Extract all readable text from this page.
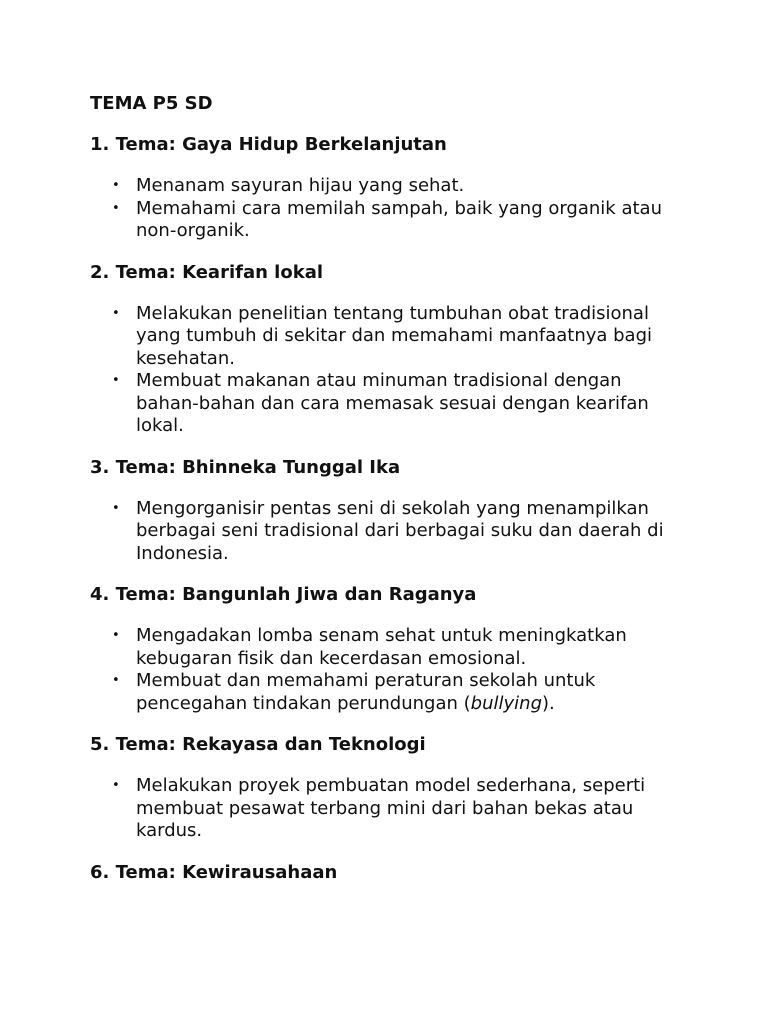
TEMA P5 SD
1. Tema: Gaya Hidup Berkelanjutan
• Menanam sayuran hijau yang sehat.
• Memahami cara memilah sampah, baik yang organik atau non-organik.
2. Tema: Kearifan lokal
• Melakukan penelitian tentang tumbuhan obat tradisional yang tumbuh di sekitar dan memahami manfaatnya bagi kesehatan.
• Membuat makanan atau minuman tradisional dengan bahan-bahan dan cara memasak sesuai dengan kearifan lokal.
3. Tema: Bhinneka Tunggal Ika
• Mengorganisir pentas seni di sekolah yang menampilkan berbagai seni tradisional dari berbagai suku dan daerah di Indonesia.
4. Tema: Bangunlah Jiwa dan Raganya
• Mengadakan lomba senam sehat untuk meningkatkan kebugaran fisik dan kecerdasan emosional.
• Membuat dan memahami peraturan sekolah untuk pencegahan tindakan perundungan (bullying).
5. Tema: Rekayasa dan Teknologi
• Melakukan proyek pembuatan model sederhana, seperti membuat pesawat terbang mini dari bahan bekas atau kardus.
6. Tema: Kewirausahaan
